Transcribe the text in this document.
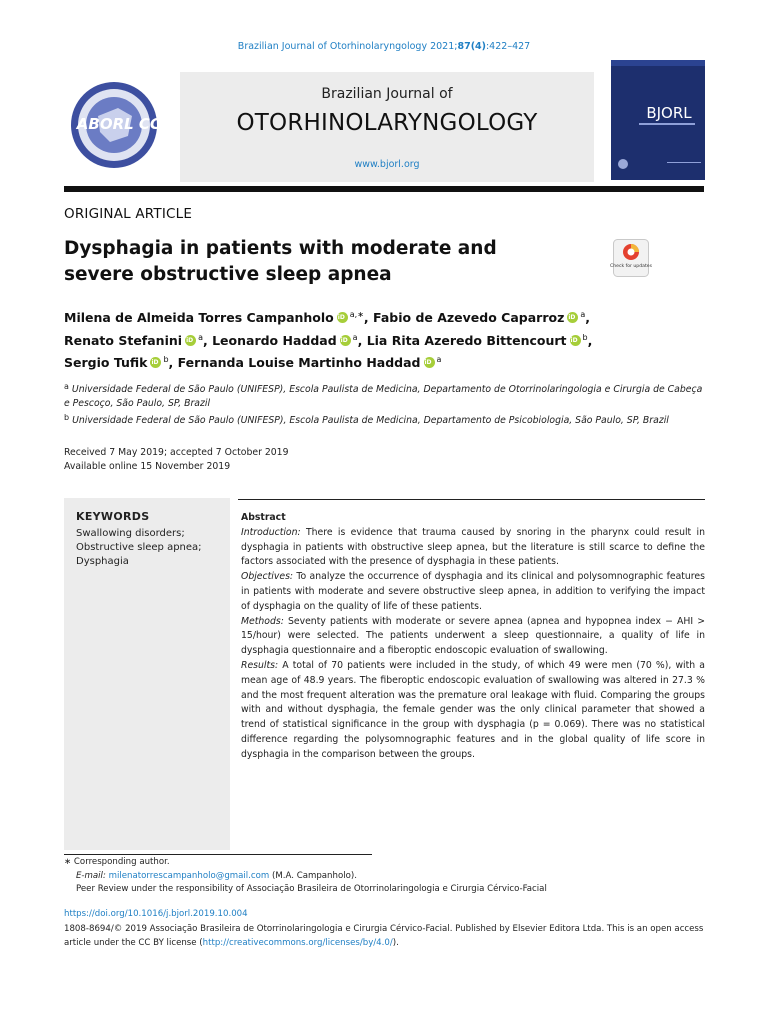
Brazilian Journal of Otorhinolaryngology 2021;87(4):422–427
ABORL CCF
Brazilian Journal of
OTORHINOLARYNGOLOGY
www.bjorl.org
BJORL
ORIGINAL ARTICLE
Dysphagia in patients with moderate and severe obstructive sleep apnea	Check for updates
Milena de Almeida Torres Campanholo iD $^{a,∗}$, Fabio de Azevedo Caparroz iD $^a$,
Renato Stefanini iD $^a$, Leonardo Haddad iD $^a$, Lia Rita Azeredo Bittencourt iD $^b$,
Sergio Tufik iD $^b$, Fernanda Louise Martinho Haddad iD $^a$
a Universidade Federal de São Paulo (UNIFESP), Escola Paulista de Medicina, Departamento de Otorrinolaringologia e Cirurgia de Cabeça e Pescoço, São Paulo, SP, Brazil
b Universidade Federal de São Paulo (UNIFESP), Escola Paulista de Medicina, Departamento de Psicobiologia, São Paulo, SP, Brazil
Received 7 May 2019; accepted 7 October 2019
Available online 15 November 2019
KEYWORDS
Swallowing disorders;
Obstructive sleep apnea;
Dysphagia
Abstract
Introduction: There is evidence that trauma caused by snoring in the pharynx could result in dysphagia in patients with obstructive sleep apnea, but the literature is still scarce to define the factors associated with the presence of dysphagia in these patients.
Objectives: To analyze the occurrence of dysphagia and its clinical and polysomnographic features in patients with moderate and severe obstructive sleep apnea, in addition to verifying the impact of dysphagia on the quality of life of these patients.
Methods: Seventy patients with moderate or severe apnea (apnea and hypopnea index − AHI > 15/hour) were selected. The patients underwent a sleep questionnaire, a quality of life in dysphagia questionnaire and a fiberoptic endoscopic evaluation of swallowing.
Results: A total of 70 patients were included in the study, of which 49 were men (70 %), with a mean age of 48.9 years. The fiberoptic endoscopic evaluation of swallowing was altered in 27.3 % and the most frequent alteration was the premature oral leakage with fluid. Comparing the groups with and without dysphagia, the female gender was the only clinical parameter that showed a trend of statistical significance in the group with dysphagia (p = 0.069). There was no statistical difference regarding the polysomnographic features and in the global quality of life score in dysphagia in the comparison between the groups.
∗ Corresponding author.
E-mail: milenatorrescampanholo@gmail.com (M.A. Campanholo).
Peer Review under the responsibility of Associação Brasileira de Otorrinolaringologia e Cirurgia Cérvico-Facial
https://doi.org/10.1016/j.bjorl.2019.10.004
1808-8694/© 2019 Associação Brasileira de Otorrinolaringologia e Cirurgia Cérvico-Facial. Published by Elsevier Editora Ltda. This is an open access article under the CC BY license (http://creativecommons.org/licenses/by/4.0/).
